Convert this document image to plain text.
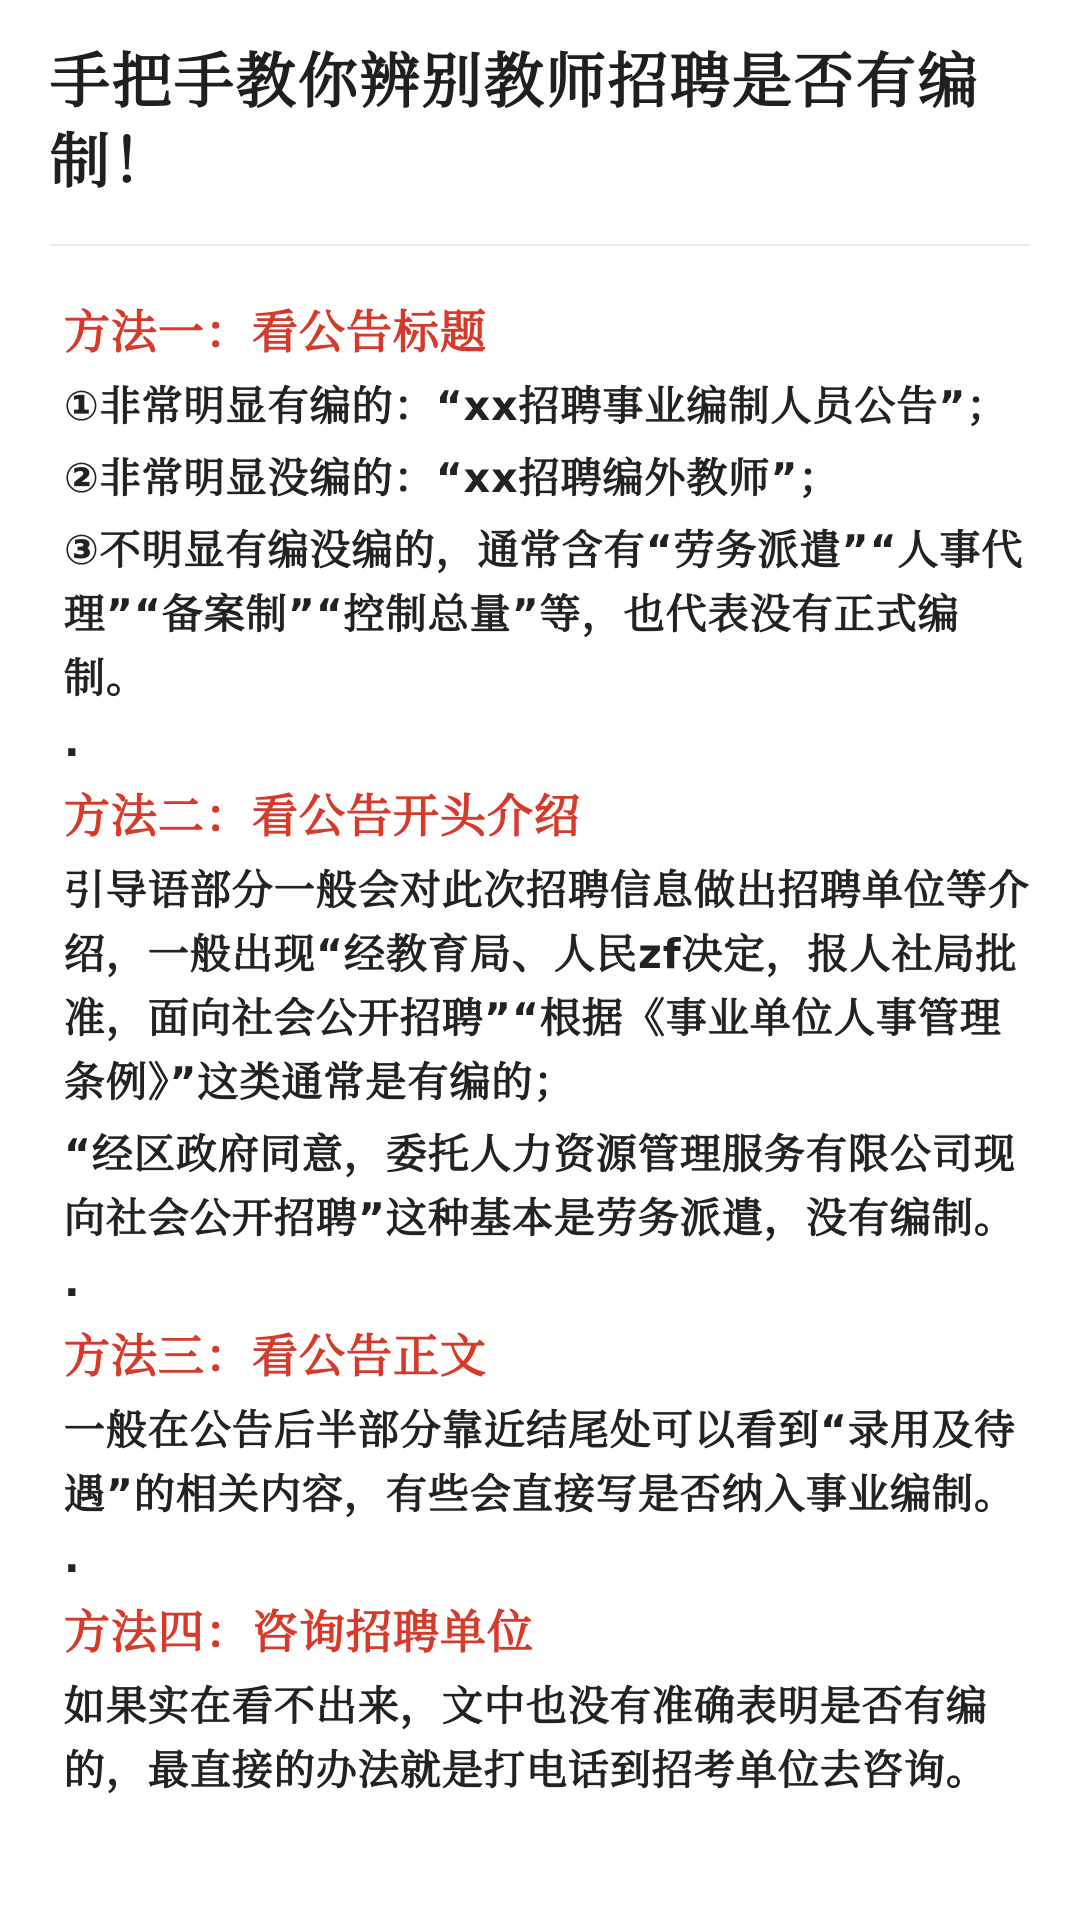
手把手教你辨别教师招聘是否有编制！
方法一：看公告标题

①非常明显有编的：“xx招聘事业编制人员公告”；

②非常明显没编的：“xx招聘编外教师”；

③不明显有编没编的，通常含有“劳务派遣”“人事代理”“备案制”“控制总量”等，也代表没有正式编制。

.
方法二：看公告开头介绍

引导语部分一般会对此次招聘信息做出招聘单位等介绍，一般出现“经教育局、人民zf决定，报人社局批准，面向社会公开招聘”“根据《事业单位人事管理条例》”这类通常是有编的；

“经区政府同意，委托人力资源管理服务有限公司现向社会公开招聘”这种基本是劳务派遣，没有编制。

.
方法三：看公告正文

一般在公告后半部分靠近结尾处可以看到“录用及待遇”的相关内容，有些会直接写是否纳入事业编制。

.
方法四：咨询招聘单位

如果实在看不出来，文中也没有准确表明是否有编的，最直接的办法就是打电话到招考单位去咨询。
